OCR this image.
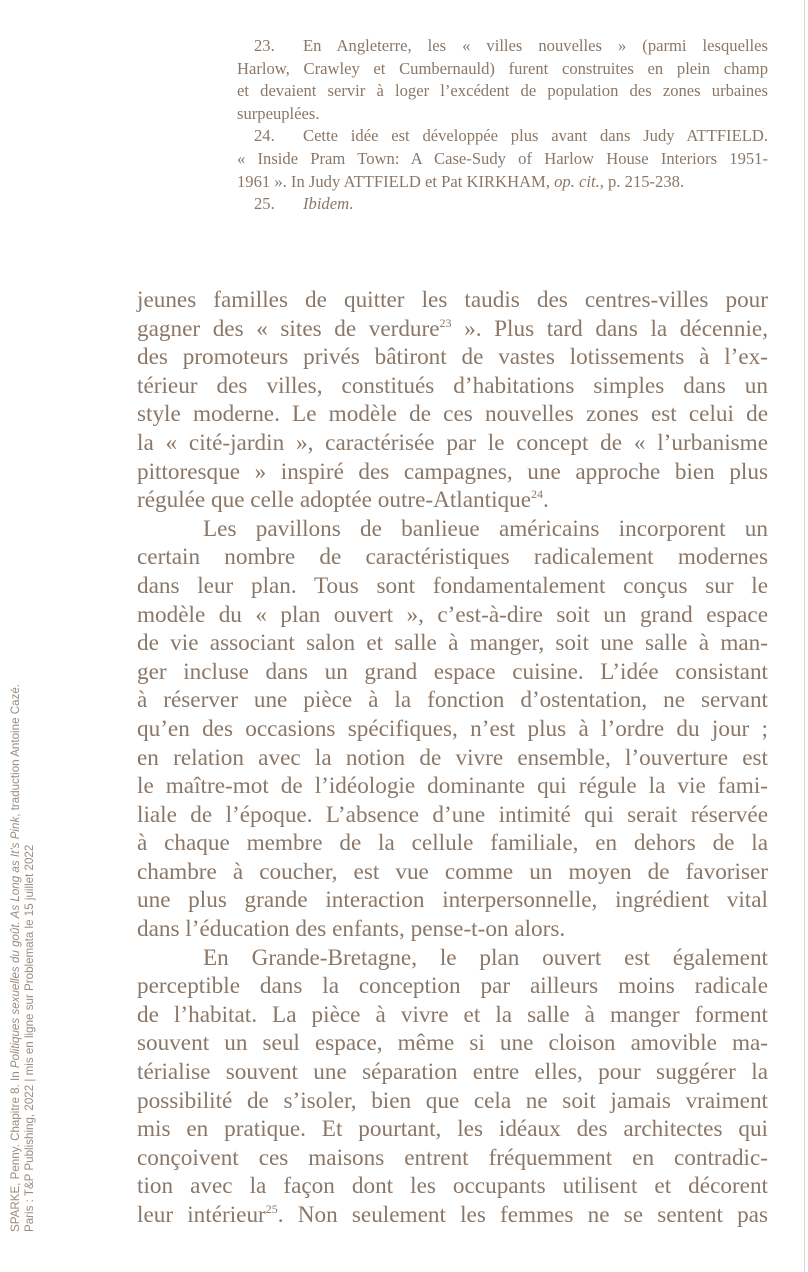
23. En Angleterre, les « villes nouvelles » (parmi lesquelles
Harlow, Crawley et Cumbernauld) furent construites en plein champ
et devaient servir à loger l’excédent de population des zones urbaines
surpeuplées.

24. Cette idée est développée plus avant dans Judy ATTFIELD.
« Inside Pram Town: A Case-Sudy of Harlow House Interiors 1951-
1961 ». In Judy ATTFIELD et Pat KIRKHAM, op. cit., p. 215-238.

25. Ibidem.

jeunes familles de quitter les taudis des centres-villes pour
gagner des « sites de verdure$^{23}$ ». Plus tard dans la décennie,
des promoteurs privés bâtiront de vastes lotissements à l’ex-
térieur des villes, constitués d’habitations simples dans un
style moderne. Le modèle de ces nouvelles zones est celui de
la « cité-jardin », caractérisée par le concept de « l’urbanisme
pittoresque » inspiré des campagnes, une approche bien plus
régulée que celle adoptée outre-Atlantique$^{24}$.
Les pavillons de banlieue américains incorporent un
certain nombre de caractéristiques radicalement modernes
dans leur plan. Tous sont fondamentalement conçus sur le
modèle du « plan ouvert », c’est-à-dire soit un grand espace
de vie associant salon et salle à manger, soit une salle à man-
ger incluse dans un grand espace cuisine. L’idée consistant
à réserver une pièce à la fonction d’ostentation, ne servant
qu’en des occasions spécifiques, n’est plus à l’ordre du jour ;
en relation avec la notion de vivre ensemble, l’ouverture est
le maître-mot de l’idéologie dominante qui régule la vie fami-
liale de l’époque. L’absence d’une intimité qui serait réservée
à chaque membre de la cellule familiale, en dehors de la
chambre à coucher, est vue comme un moyen de favoriser
une plus grande interaction interpersonnelle, ingrédient vital
dans l’éducation des enfants, pense-t-on alors.
En Grande-Bretagne, le plan ouvert est également
perceptible dans la conception par ailleurs moins radicale
de l’habitat. La pièce à vivre et la salle à manger forment
souvent un seul espace, même si une cloison amovible ma-
térialise souvent une séparation entre elles, pour suggérer la
possibilité de s’isoler, bien que cela ne soit jamais vraiment
mis en pratique. Et pourtant, les idéaux des architectes qui
conçoivent ces maisons entrent fréquemment en contradic-
tion avec la façon dont les occupants utilisent et décorent
leur intérieur$^{25}$. Non seulement les femmes ne se sentent pas
SPARKE, Penny. Chapitre 8. In Politiques sexuelles du goût. As Long as It’s Pink, traduction Antoine Cazé.
Paris : T&P Publishing, 2022 | mis en ligne sur Problemata le 15 juillet 2022
